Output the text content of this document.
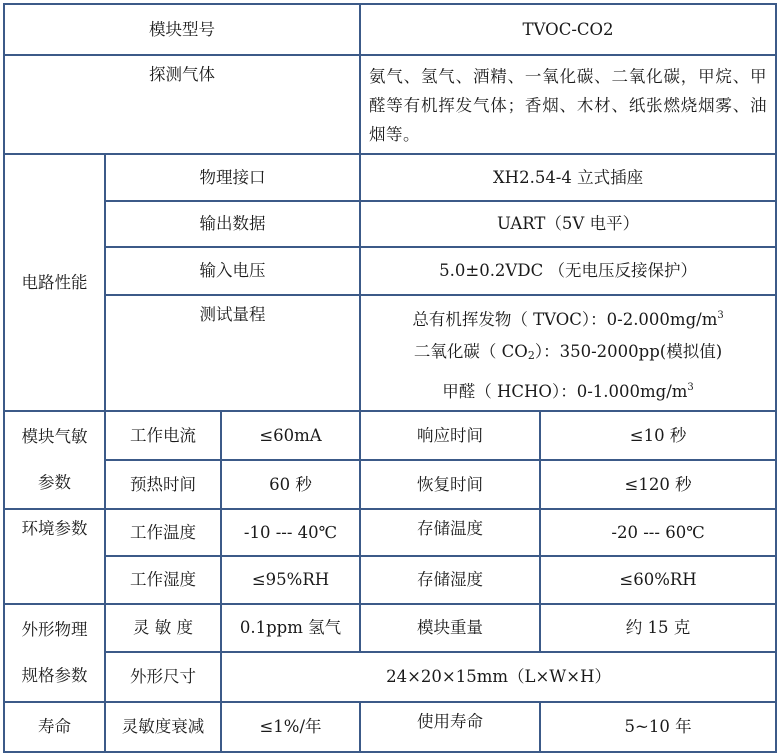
模块型号			TVOC-CO2	
探测气体			氨气、氢气、酒精、一氧化碳、二氧化碳，甲烷、甲醛等有机挥发气体；香烟、木材、纸张燃烧烟雾、油烟等。	
电路性能	物理接口		XH2.54-4 立式插座	
	输出数据		UART（5V 电平）	
	输入电压		5.0±0.2VDC （无电压反接保护）	
	测试量程		总有机挥发物（ TVOC）：$0-2.000mg/m^3$
二氧化碳（ CO2）：350-2000pp(模拟值)
甲醛（ HCHO）：$0-1.000mg/m^3$

模块气敏
参数	工作电流	≤60mA	响应时间	≤10 秒
	预热时间	60 秒	恢复时间	≤120 秒
环境参数	工作温度	-10 --- 40℃	存储温度	-20 --- 60℃
	工作湿度	≤95%RH	存储湿度	≤60%RH

外形物理
规格参数	灵 敏 度	0.1ppm 氢气	模块重量	约 15 克
	外形尺寸	24×20×15mm（L×W×H）		
寿命	灵敏度衰减	≤1%/年	使用寿命	5~10 年
